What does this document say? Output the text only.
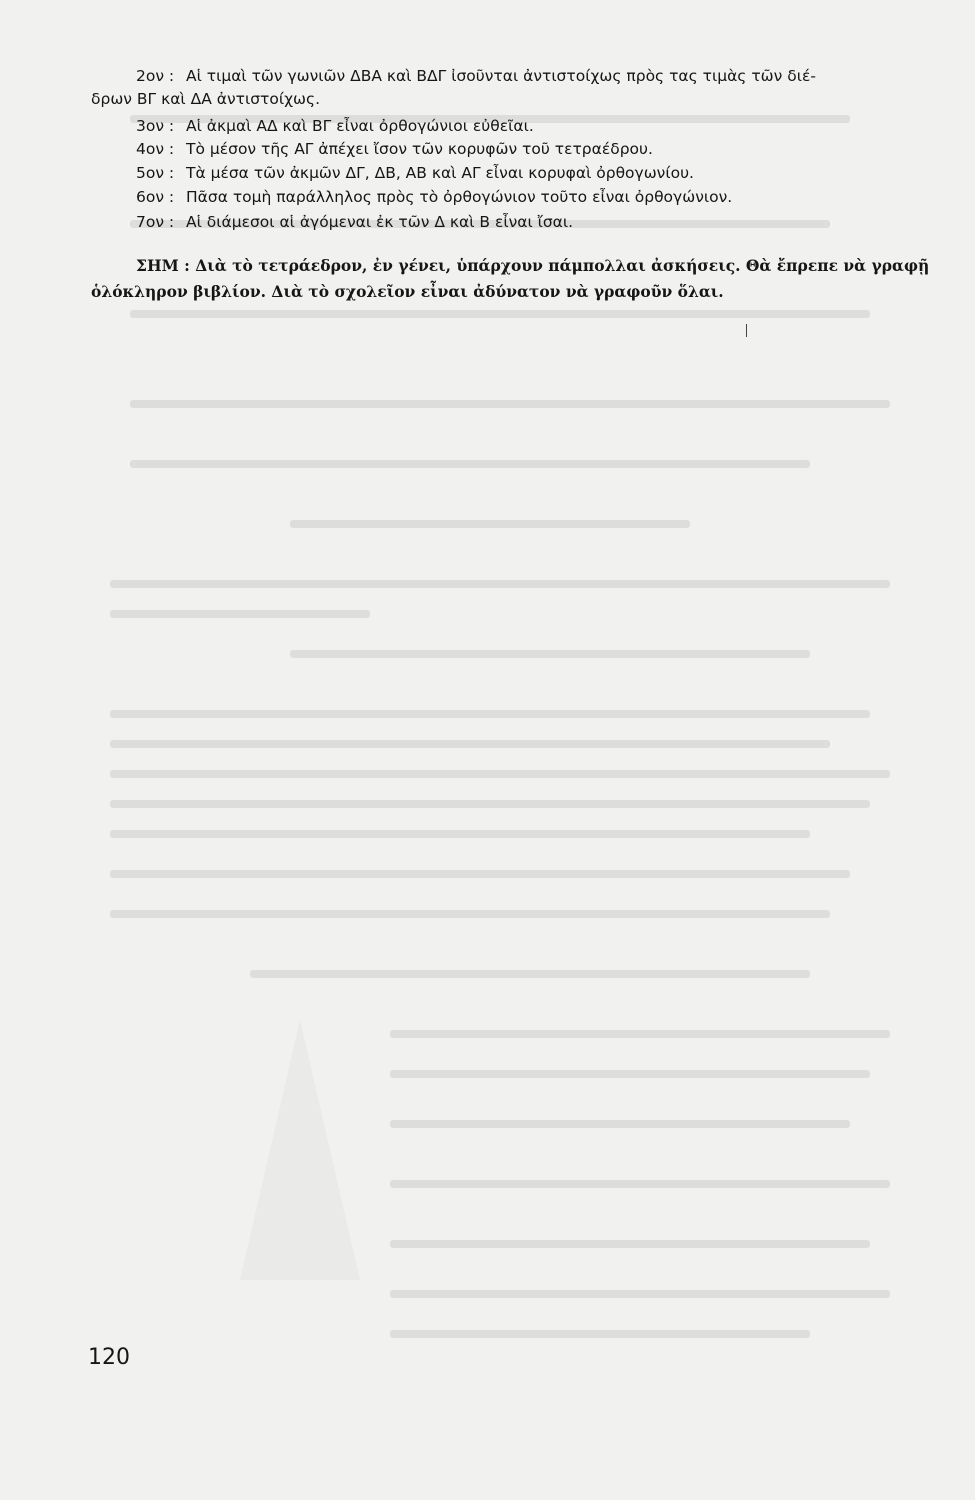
2ον : Αἱ τιμαὶ τῶν γωνιῶν ΔΒΑ καὶ ΒΔΓ ἰσοῦνται ἀντιστοίχως πρὸς τας τιμὰς τῶν διέ-
δρων ΒΓ καὶ ΔΑ ἀντιστοίχως.
3ον : Αἱ ἀκμαὶ ΑΔ καὶ ΒΓ εἶναι ὀρθογώνιοι εὐθεῖαι.
4ον : Τὸ μέσον τῆς ΑΓ ἀπέχει ἴσον τῶν κορυφῶν τοῦ τετραέδρου.
5ον : Τὰ μέσα τῶν ἀκμῶν ΔΓ, ΔΒ, ΑΒ καὶ ΑΓ εἶναι κορυφαὶ ὀρθογωνίου.
6ον : Πᾶσα τομὴ παράλληλος πρὸς τὸ ὀρθογώνιον τοῦτο εἶναι ὀρθογώνιον.
7ον : Αἱ διάμεσοι αἱ ἀγόμεναι ἐκ τῶν Δ καὶ Β εἶναι ἴσαι.
ΣΗΜ : Διὰ τὸ τετράεδρον, ἐν γένει, ὑπάρχουν πάμπολλαι ἀσκήσεις. Θὰ ἔπρεπε νὰ γραφῇ
ὁλόκληρον βιβλίον. Διὰ τὸ σχολεῖον εἶναι ἀδύνατον νὰ γραφοῦν ὅλαι.
120
